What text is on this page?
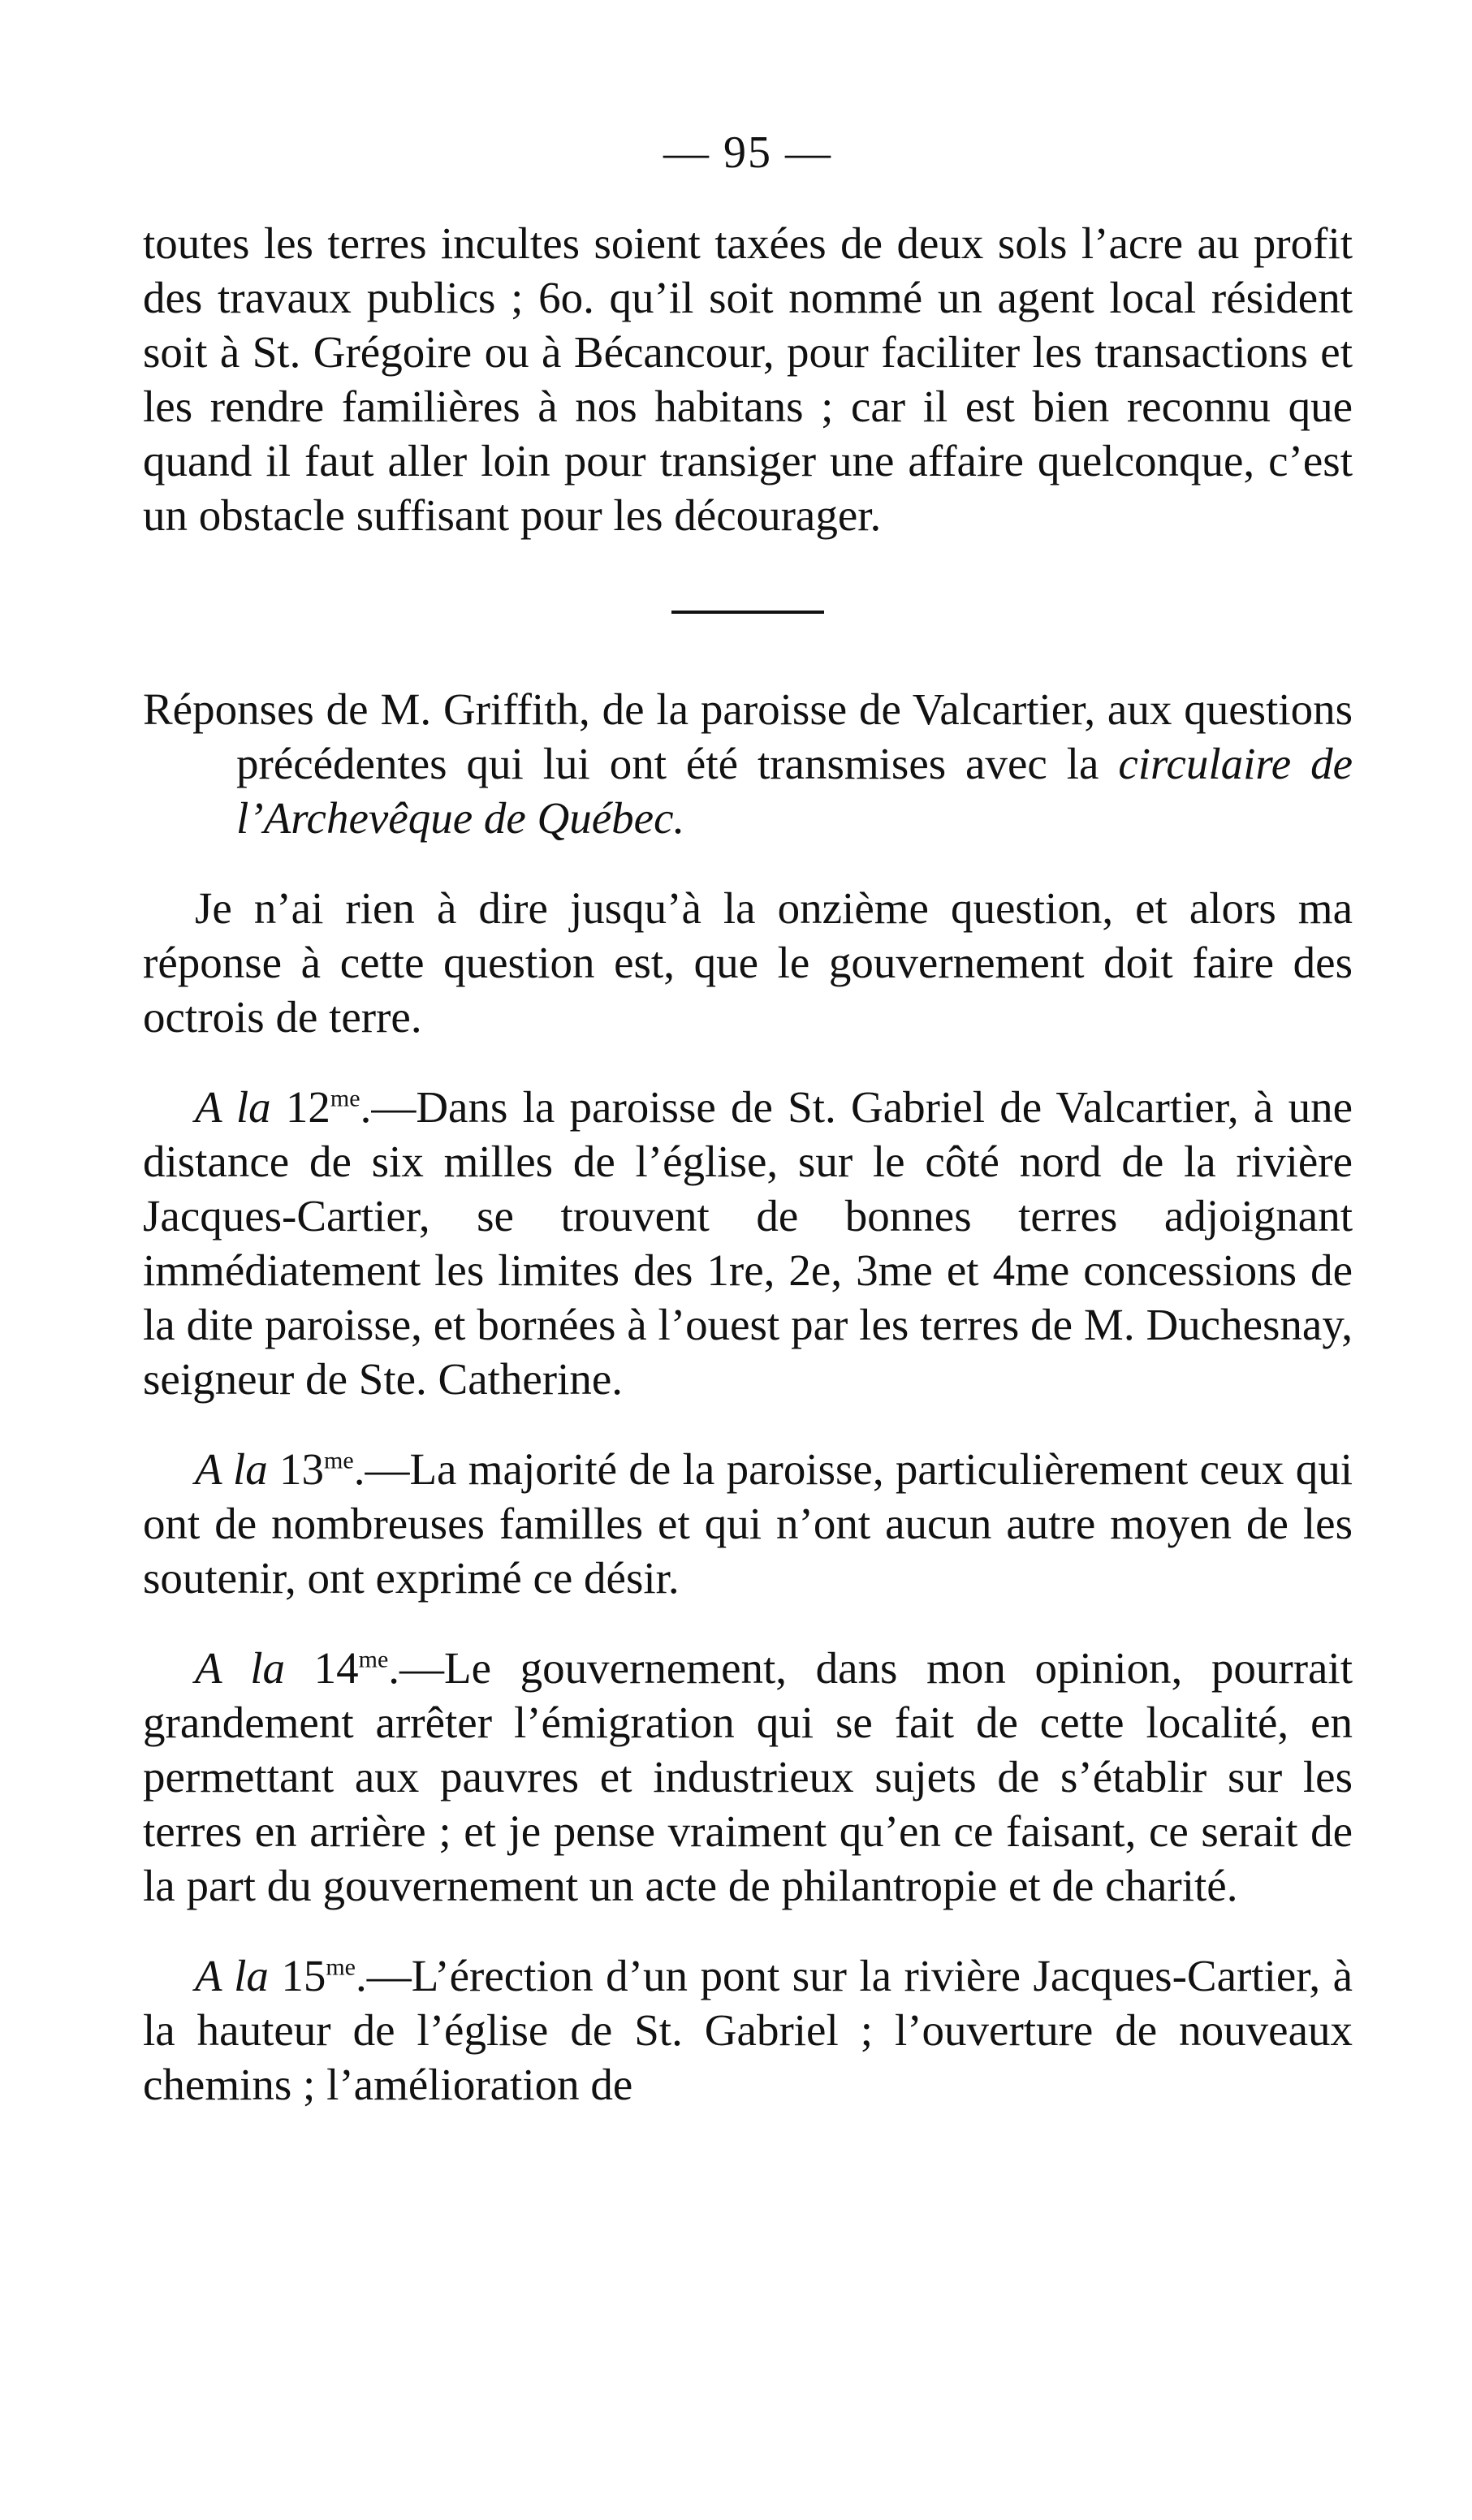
— 95 —

toutes les terres incultes soient taxées de deux sols l’acre au profit des travaux publics ; 6o. qu’il soit nommé un agent local résident soit à St. Grégoire ou à Bécancour, pour faciliter les transactions et les rendre familières à nos habitans ; car il est bien reconnu que quand il faut aller loin pour transiger une affaire quelconque, c’est un obstacle suffisant pour les décourager.

Réponses de M. Griffith, de la paroisse de Valcartier, aux questions précédentes qui lui ont été transmises avec la circulaire de l’Archevêque de Québec.

Je n’ai rien à dire jusqu’à la onzième question, et alors ma réponse à cette question est, que le gouvernement doit faire des octrois de terre.

A la $12^{me}.—Dans$ la paroisse de St. Gabriel de Valcartier, à une distance de six milles de l’église, sur le côté nord de la rivière Jacques-Cartier, se trouvent de bonnes terres adjoignant immédiatement les limites des 1re, 2e, 3me et 4me concessions de la dite paroisse, et bornées à l’ouest par les terres de M. Duchesnay, seigneur de Ste. Catherine.

A la $13^{me}.—La$ majorité de la paroisse, particulièrement ceux qui ont de nombreuses familles et qui n’ont aucun autre moyen de les soutenir, ont exprimé ce désir.

A la $14^{me}.—Le$ gouvernement, dans mon opinion, pourrait grandement arrêter l’émigration qui se fait de cette localité, en permettant aux pauvres et industrieux sujets de s’établir sur les terres en arrière ; et je pense vraiment qu’en ce faisant, ce serait de la part du gouvernement un acte de philantropie et de charité.

A la $15^{me}.—L’érection$ d’un pont sur la rivière Jacques-Cartier, à la hauteur de l’église de St. Gabriel ; l’ouverture de nouveaux chemins ; l’amélioration de
